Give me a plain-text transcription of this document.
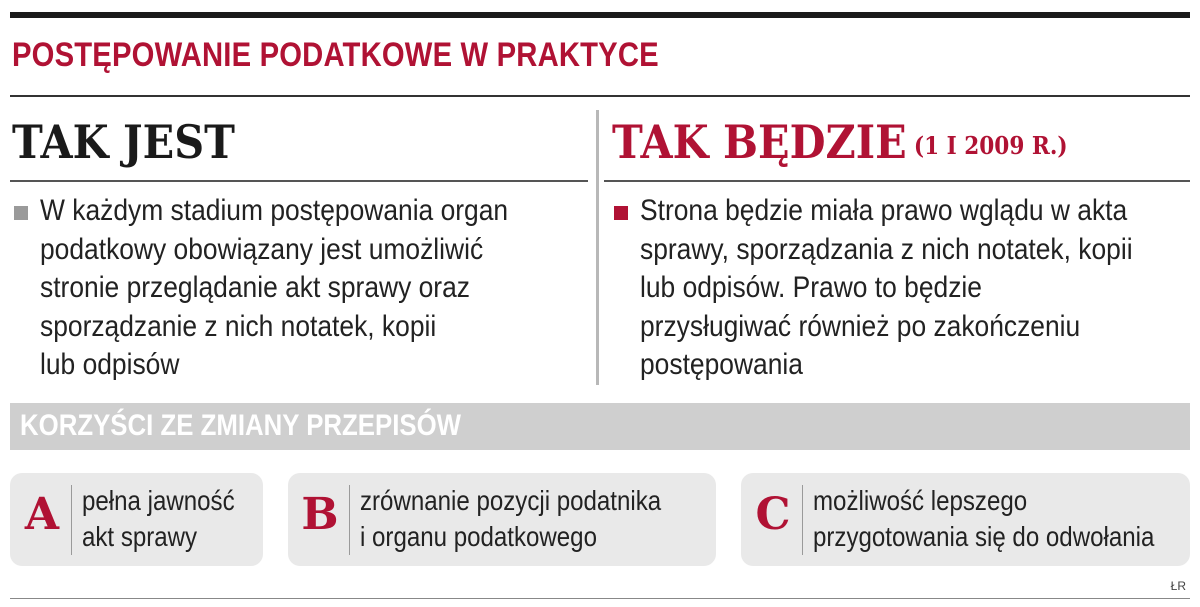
POSTĘPOWANIE PODATKOWE W PRAKTYCE
TAK JEST

W każdym stadium postępowania organ
podatkowy obowiązany jest umożliwić
stronie przeglądanie akt sprawy oraz
sporządzanie z nich notatek, kopii
lub odpisów

TAK BĘDZIE (1 I 2009 R.)

Strona będzie miała prawo wglądu w akta
sprawy, sporządzania z nich notatek, kopii
lub odpisów. Prawo to będzie
przysługiwać również po zakończeniu
postępowania

KORZYŚCI ZE ZMIANY PRZEPISÓW
A pełna jawność
akt sprawy	B zrównanie pozycji podatnika
i organu podatkowego	C możliwość lepszego
przygotowania się do odwołania

ŁR
